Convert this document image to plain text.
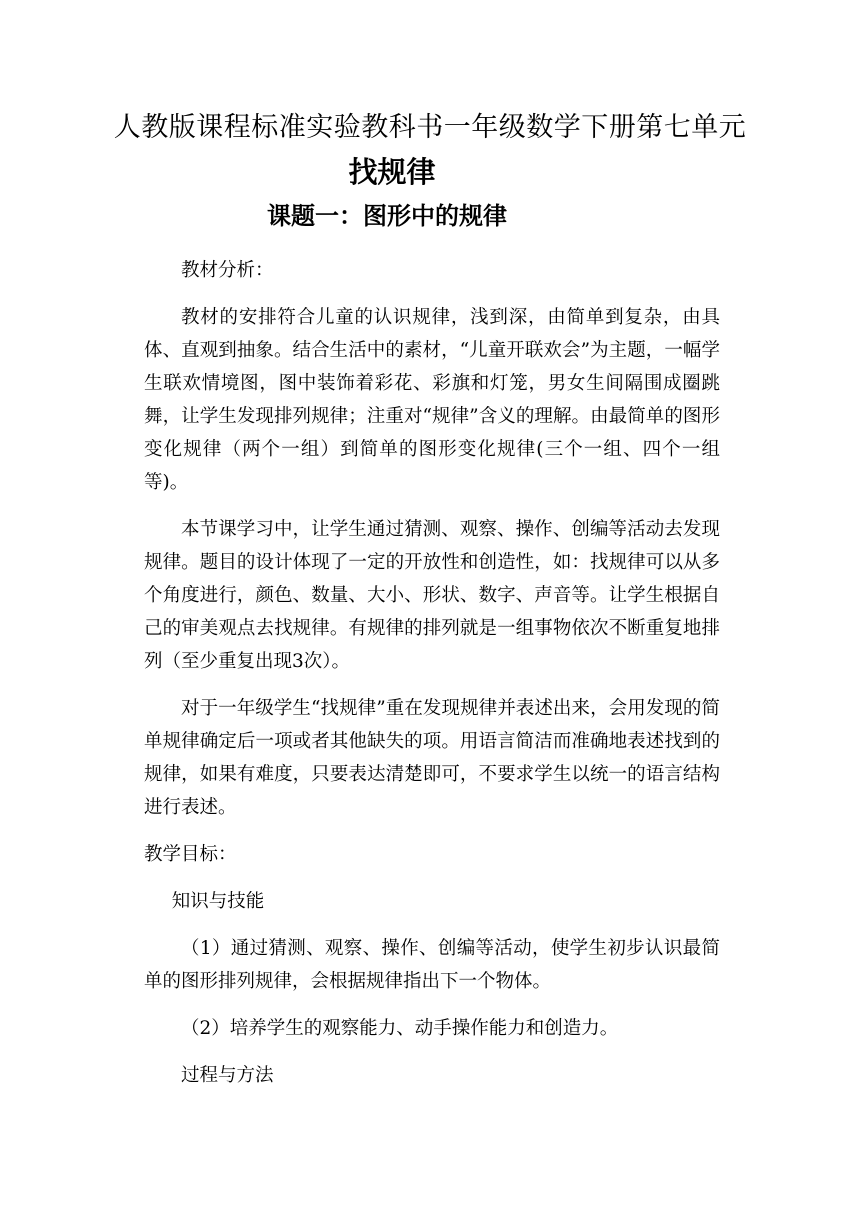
人教版课程标准实验教科书一年级数学下册第七单元
找规律
课题一：图形中的规律

教材分析：

教材的安排符合儿童的认识规律，浅到深，由简单到复杂，由具体、直观到抽象。结合生活中的素材，“儿童开联欢会”为主题，一幅学生联欢情境图，图中装饰着彩花、彩旗和灯笼，男女生间隔围成圈跳舞，让学生发现排列规律；注重对“规律”含义的理解。由最简单的图形变化规律（两个一组）到简单的图形变化规律(三个一组、四个一组等)。

本节课学习中，让学生通过猜测、观察、操作、创编等活动去发现规律。题目的设计体现了一定的开放性和创造性，如：找规律可以从多个角度进行，颜色、数量、大小、形状、数字、声音等。让学生根据自己的审美观点去找规律。有规律的排列就是一组事物依次不断重复地排列（至少重复出现3次）。

对于一年级学生“找规律”重在发现规律并表述出来，会用发现的简单规律确定后一项或者其他缺失的项。用语言简洁而准确地表述找到的规律，如果有难度，只要表达清楚即可，不要求学生以统一的语言结构进行表述。

教学目标：

知识与技能

（1）通过猜测、观察、操作、创编等活动，使学生初步认识最简单的图形排列规律，会根据规律指出下一个物体。

（2）培养学生的观察能力、动手操作能力和创造力。

过程与方法
